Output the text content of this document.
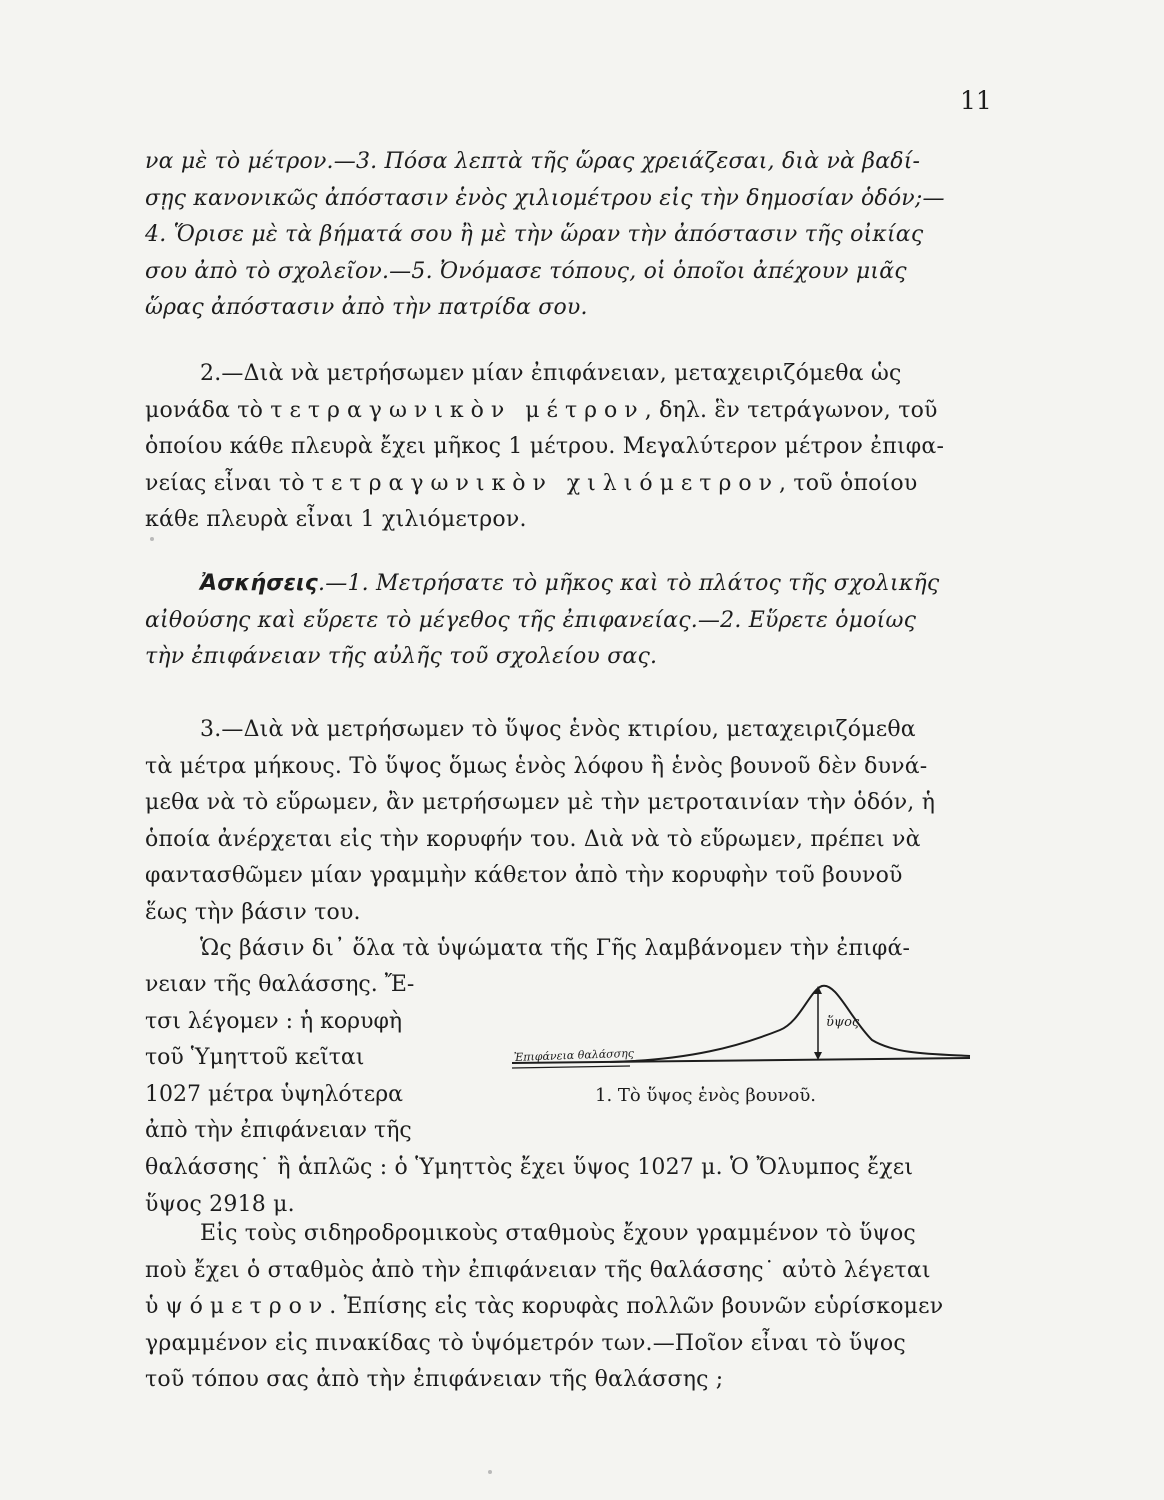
11
να μὲ τὸ μέτρον.—3. Πόσα λεπτὰ τῆς ὥρας χρειάζεσαι, διὰ νὰ βαδί-
σῃς κανονικῶς ἀπόστασιν ἑνὸς χιλιομέτρου εἰς τὴν δημοσίαν ὁδόν;—
4. Ὅρισε μὲ τὰ βήματά σου ἢ μὲ τὴν ὥραν τὴν ἀπόστασιν τῆς οἰκίας
σου ἀπὸ τὸ σχολεῖον.—5. Ὀνόμασε τόπους, οἱ ὁποῖοι ἀπέχουν μιᾶς
ὥρας ἀπόστασιν ἀπὸ τὴν πατρίδα σου.
2.—Διὰ νὰ μετρήσωμεν μίαν ἐπιφάνειαν, μεταχειριζόμεθα ὡς
μονάδα τὸ τετραγωνικὸν μέτρον, δηλ. ἓν τετράγωνον, τοῦ
ὁποίου κάθε πλευρὰ ἔχει μῆκος 1 μέτρου. Μεγαλύτερον μέτρον ἐπιφα-
νείας εἶναι τὸ τετραγωνικὸν χιλιόμετρον, τοῦ ὁποίου
κάθε πλευρὰ εἶναι 1 χιλιόμετρον.
Ἀσκήσεις.—1. Μετρήσατε τὸ μῆκος καὶ τὸ πλάτος τῆς σχολικῆς
αἰθούσης καὶ εὕρετε τὸ μέγεθος τῆς ἐπιφανείας.—2. Εὕρετε ὁμοίως
τὴν ἐπιφάνειαν τῆς αὐλῆς τοῦ σχολείου σας.
3.—Διὰ νὰ μετρήσωμεν τὸ ὕψος ἑνὸς κτιρίου, μεταχειριζόμεθα
τὰ μέτρα μήκους. Τὸ ὕψος ὅμως ἑνὸς λόφου ἢ ἑνὸς βουνοῦ δὲν δυνά-
μεθα νὰ τὸ εὕρωμεν, ἂν μετρήσωμεν μὲ τὴν μετροταινίαν τὴν ὁδόν, ἡ
ὁποία ἀνέρχεται εἰς τὴν κορυφήν του. Διὰ νὰ τὸ εὕρωμεν, πρέπει νὰ
φαντασθῶμεν μίαν γραμμὴν κάθετον ἀπὸ τὴν κορυφὴν τοῦ βουνοῦ
ἕως τὴν βάσιν του.
Ὡς βάσιν δι᾿ ὅλα τὰ ὑψώματα τῆς Γῆς λαμβάνομεν τὴν ἐπιφά-
νειαν τῆς θαλάσσης. Ἔ-
τσι λέγομεν : ἡ κορυφὴ
τοῦ Ὑμηττοῦ κεῖται
1027 μέτρα ὑψηλότερα
ἀπὸ τὴν ἐπιφάνειαν τῆς
θαλάσσης˙ ἢ ἁπλῶς : ὁ Ὑμηττὸς ἔχει ὕψος 1027 μ. Ὁ Ὄλυμπος ἔχει
ὕψος 2918 μ.
ὕψος
Ἐπιφάνεια θαλάσσης
1. Τὸ ὕψος ἑνὸς βουνοῦ.
Εἰς τοὺς σιδηροδρομικοὺς σταθμοὺς ἔχουν γραμμένον τὸ ὕψος
ποὺ ἔχει ὁ σταθμὸς ἀπὸ τὴν ἐπιφάνειαν τῆς θαλάσσης˙ αὐτὸ λέγεται
ὑψόμετρον. Ἐπίσης εἰς τὰς κορυφὰς πολλῶν βουνῶν εὑρίσκομεν
γραμμένον εἰς πινακίδας τὸ ὑψόμετρόν των.—Ποῖον εἶναι τὸ ὕψος
τοῦ τόπου σας ἀπὸ τὴν ἐπιφάνειαν τῆς θαλάσσης ;
